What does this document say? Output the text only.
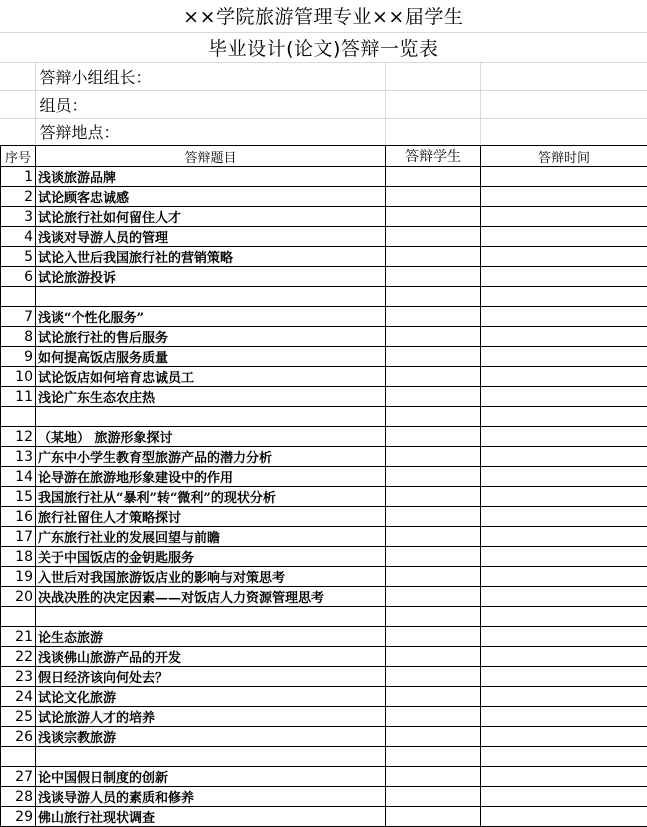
××学院旅游管理专业××届学生			
毕业设计(论文)答辩一览表			
	答辩小组组长：		
	组员：		
	答辩地点：		
序号	答辩题目	答辩学生	答辩时间
1	浅谈旅游品牌		
2	试论顾客忠诚感		
3	试论旅行社如何留住人才		
4	浅谈对导游人员的管理		
5	试论入世后我国旅行社的营销策略		
6	试论旅游投诉		

7	浅谈“个性化服务”		
8	试论旅行社的售后服务		
9	如何提高饭店服务质量		
10	试论饭店如何培育忠诚员工		
11	浅论广东生态农庄热		

12	（某地） 旅游形象探讨		
13	广东中小学生教育型旅游产品的潜力分析		
14	论导游在旅游地形象建设中的作用		
15	我国旅行社从“暴利”转“微利”的现状分析		
16	旅行社留住人才策略探讨		
17	广东旅行社业的发展回望与前瞻		
18	关于中国饭店的金钥匙服务		
19	入世后对我国旅游饭店业的影响与对策思考		
20	决战决胜的决定因素——对饭店人力资源管理思考		

21	论生态旅游		
22	浅谈佛山旅游产品的开发		
23	假日经济该向何处去？		
24	试论文化旅游		
25	试论旅游人才的培养		
26	浅谈宗教旅游		

27	论中国假日制度的创新		
28	浅谈导游人员的素质和修养		
29	佛山旅行社现状调查		
